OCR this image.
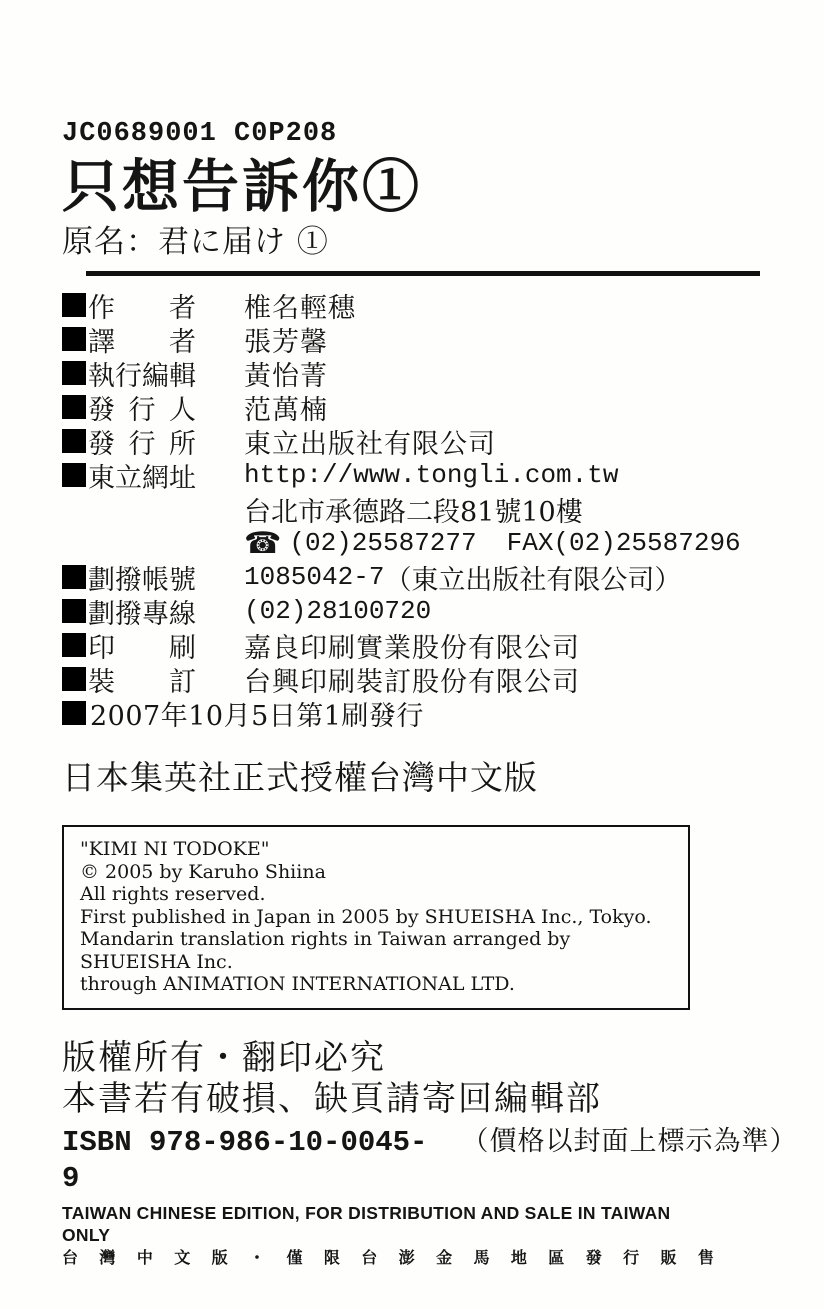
JC0689001 C0P208
只想告訴你①
原名：君に届け ①
作 者 椎名輕穗
譯 者 張芳馨
執 行 編 輯 黃怡菁
發 行 人 范萬楠
發 行 所 東立出版社有限公司
東 立 網 址 http://www.tongli.com.tw
台北市承德路二段81號10樓
☎ (02)25587277 FAX(02)25587296
劃 撥 帳 號 1085042-7 （東立出版社有限公司）
劃 撥 專 線 (02)28100720
印 刷 嘉良印刷實業股份有限公司
裝 訂 台興印刷裝訂股份有限公司
2007年10月5日第1刷發行
日本集英社正式授權台灣中文版
"KIMI NI TODOKE"
© 2005 by Karuho Shiina
All rights reserved.
First published in Japan in 2005 by SHUEISHA Inc., Tokyo.
Mandarin translation rights in Taiwan arranged by SHUEISHA Inc.
through ANIMATION INTERNATIONAL LTD.
版權所有・翻印必究
本書若有破損、缺頁請寄回編輯部
ISBN 978-986-10-0045-9
（價格以封面上標示為準）
TAIWAN CHINESE EDITION, FOR DISTRIBUTION AND SALE IN TAIWAN ONLY
台 灣 中 文 版 ・ 僅 限 台 澎 金 馬 地 區 發 行 販 售
